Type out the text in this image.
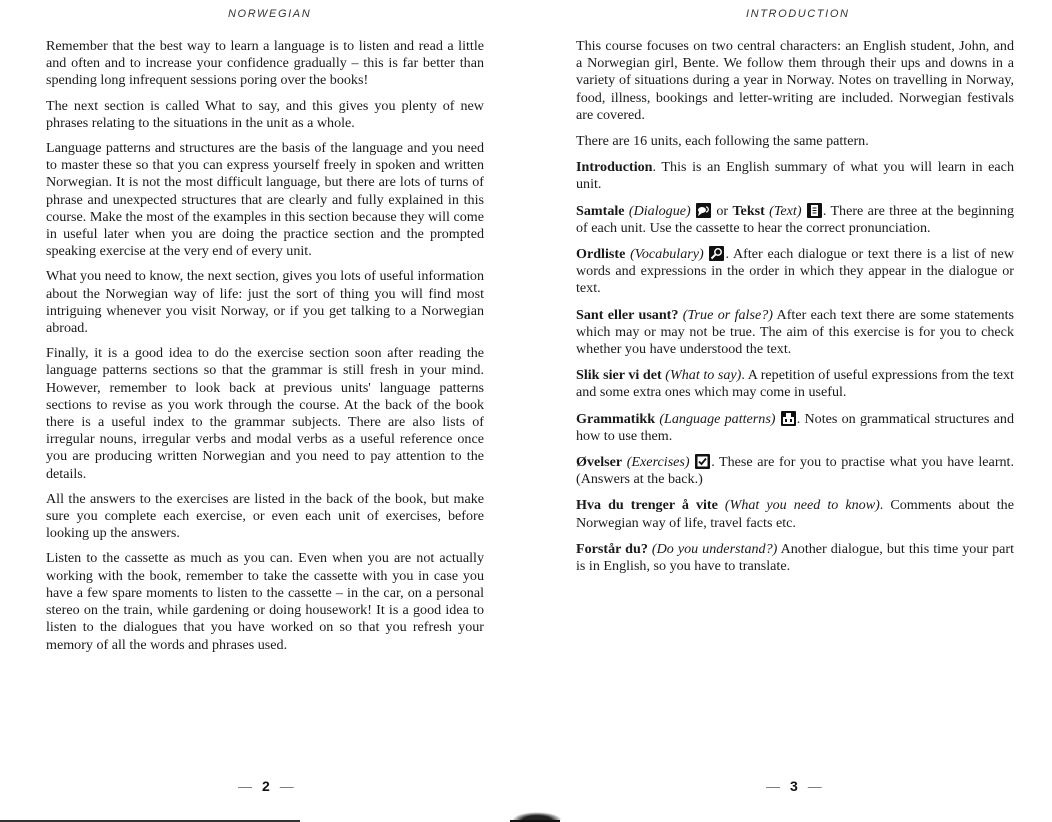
NORWEGIAN	INTRODUCTION

Remember that the best way to learn a language is to listen and read a little and often and to increase your confidence gradually – this is far better than spending long infrequent sessions poring over the books!

The next section is called What to say, and this gives you plenty of new phrases relating to the situations in the unit as a whole.

Language patterns and structures are the basis of the language and you need to master these so that you can express yourself freely in spoken and written Norwegian. It is not the most difficult language, but there are lots of turns of phrase and unexpected structures that are clearly and fully explained in this course. Make the most of the examples in this section because they will come in useful later when you are doing the practice section and the prompted speaking exercise at the very end of every unit.

What you need to know, the next section, gives you lots of useful information about the Norwegian way of life: just the sort of thing you will find most intriguing whenever you visit Norway, or if you get talking to a Norwegian abroad.

Finally, it is a good idea to do the exercise section soon after reading the language patterns sections so that the grammar is still fresh in your mind. However, remember to look back at previous units' language patterns sections to revise as you work through the course. At the back of the book there is a useful index to the grammar subjects. There are also lists of irregular nouns, irregular verbs and modal verbs as a useful reference once you are producing written Norwegian and you need to pay attention to the details.

All the answers to the exercises are listed in the back of the book, but make sure you complete each exercise, or even each unit of exercises, before looking up the answers.

Listen to the cassette as much as you can. Even when you are not actually working with the book, remember to take the cassette with you in case you have a few spare moments to listen to the cassette – in the car, on a personal stereo on the train, while gardening or doing housework! It is a good idea to listen to the dialogues that you have worked on so that you refresh your memory of all the words and phrases used.

This course focuses on two central characters: an English student, John, and a Norwegian girl, Bente. We follow them through their ups and downs in a variety of situations during a year in Norway. Notes on travelling in Norway, food, illness, bookings and letter-writing are included. Norwegian festivals are covered.

There are 16 units, each following the same pattern.

Introduction. This is an English summary of what you will learn in each unit.

Samtale (Dialogue) or Tekst (Text) . There are three at the beginning of each unit. Use the cassette to hear the correct pronunciation.

Ordliste (Vocabulary) . After each dialogue or text there is a list of new words and expressions in the order in which they appear in the dialogue or text.

Sant eller usant? (True or false?) After each text there are some statements which may or may not be true. The aim of this exercise is for you to check whether you have understood the text.

Slik sier vi det (What to say). A repetition of useful expressions from the text and some extra ones which may come in useful.

Grammatikk (Language patterns) . Notes on grammatical structures and how to use them.

Øvelser (Exercises) . These are for you to practise what you have learnt. (Answers at the back.)

Hva du trenger å vite (What you need to know). Comments about the Norwegian way of life, travel facts etc.

Forstår du? (Do you understand?) Another dialogue, but this time your part is in English, so you have to translate.

— 2 —	— 3 —
